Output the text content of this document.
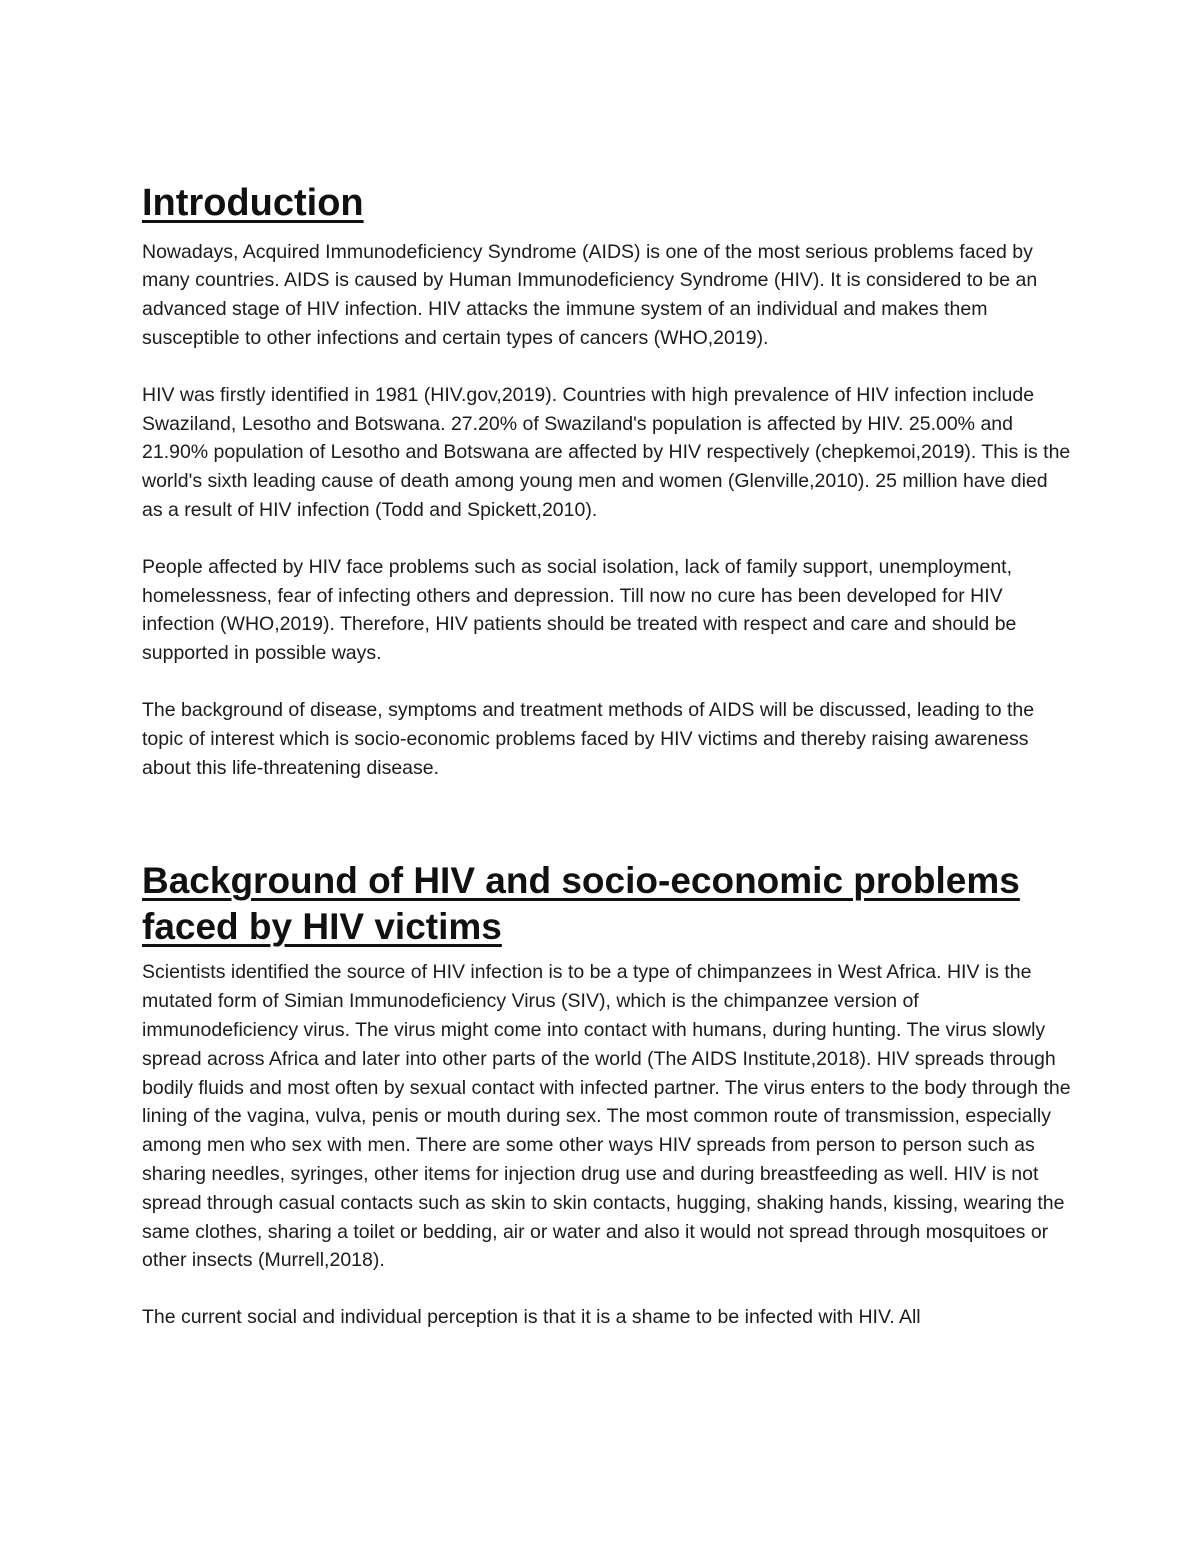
Introduction

Nowadays, Acquired Immunodeficiency Syndrome (AIDS) is one of the most serious problems faced by many countries. AIDS is caused by Human Immunodeficiency Syndrome (HIV). It is considered to be an advanced stage of HIV infection. HIV attacks the immune system of an individual and makes them susceptible to other infections and certain types of cancers (WHO,2019).

HIV was firstly identified in 1981 (HIV.gov,2019). Countries with high prevalence of HIV infection include Swaziland, Lesotho and Botswana. 27.20% of Swaziland's population is affected by HIV. 25.00% and 21.90% population of Lesotho and Botswana are affected by HIV respectively (chepkemoi,2019). This is the world's sixth leading cause of death among young men and women (Glenville,2010). 25 million have died as a result of HIV infection (Todd and Spickett,2010).

People affected by HIV face problems such as social isolation, lack of family support, unemployment, homelessness, fear of infecting others and depression. Till now no cure has been developed for HIV infection (WHO,2019). Therefore, HIV patients should be treated with respect and care and should be supported in possible ways.

The background of disease, symptoms and treatment methods of AIDS will be discussed, leading to the topic of interest which is socio-economic problems faced by HIV victims and thereby raising awareness about this life-threatening disease.

Background of HIV and socio-economic problems faced by HIV victims

Scientists identified the source of HIV infection is to be a type of chimpanzees in West Africa. HIV is the mutated form of Simian Immunodeficiency Virus (SIV), which is the chimpanzee version of immunodeficiency virus. The virus might come into contact with humans, during hunting. The virus slowly spread across Africa and later into other parts of the world (The AIDS Institute,2018). HIV spreads through bodily fluids and most often by sexual contact with infected partner. The virus enters to the body through the lining of the vagina, vulva, penis or mouth during sex. The most common route of transmission, especially among men who sex with men. There are some other ways HIV spreads from person to person such as sharing needles, syringes, other items for injection drug use and during breastfeeding as well. HIV is not spread through casual contacts such as skin to skin contacts, hugging, shaking hands, kissing, wearing the same clothes, sharing a toilet or bedding, air or water and also it would not spread through mosquitoes or other insects (Murrell,2018).

The current social and individual perception is that it is a shame to be infected with HIV. All
